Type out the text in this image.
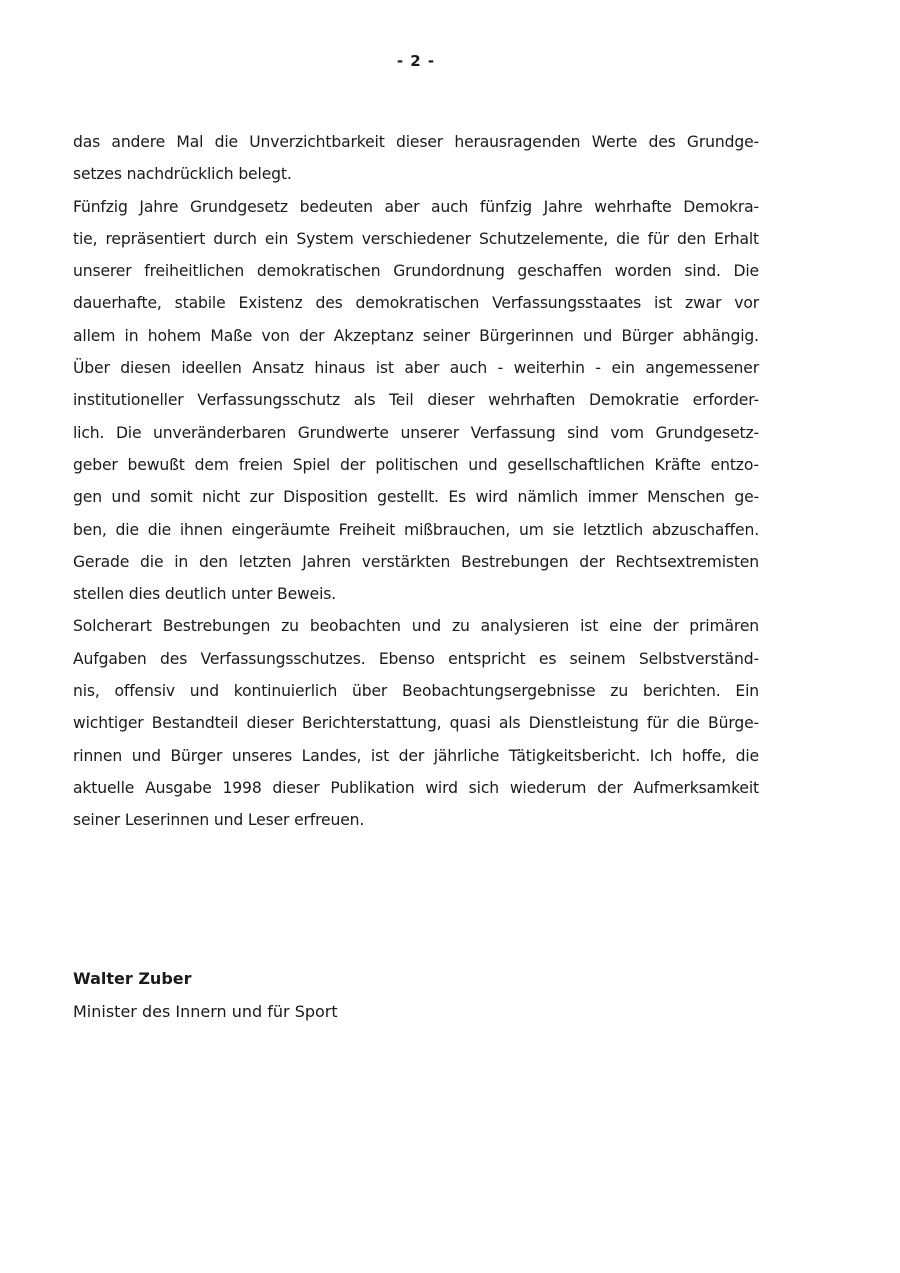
- 2 -
das andere Mal die Unverzichtbarkeit dieser herausragenden Werte des Grundge-
setzes nachdrücklich belegt.
Fünfzig Jahre Grundgesetz bedeuten aber auch fünfzig Jahre wehrhafte Demokra-
tie, repräsentiert durch ein System verschiedener Schutzelemente, die für den Erhalt
unserer freiheitlichen demokratischen Grundordnung geschaffen worden sind. Die
dauerhafte, stabile Existenz des demokratischen Verfassungsstaates ist zwar vor
allem in hohem Maße von der Akzeptanz seiner Bürgerinnen und Bürger abhängig.
Über diesen ideellen Ansatz hinaus ist aber auch - weiterhin - ein angemessener
institutioneller Verfassungsschutz als Teil dieser wehrhaften Demokratie erforder-
lich. Die unveränderbaren Grundwerte unserer Verfassung sind vom Grundgesetz-
geber bewußt dem freien Spiel der politischen und gesellschaftlichen Kräfte entzo-
gen und somit nicht zur Disposition gestellt. Es wird nämlich immer Menschen ge-
ben, die die ihnen eingeräumte Freiheit mißbrauchen, um sie letztlich abzuschaffen.
Gerade die in den letzten Jahren verstärkten Bestrebungen der Rechtsextremisten
stellen dies deutlich unter Beweis.
Solcherart Bestrebungen zu beobachten und zu analysieren ist eine der primären
Aufgaben des Verfassungsschutzes. Ebenso entspricht es seinem Selbstverständ-
nis, offensiv und kontinuierlich über Beobachtungsergebnisse zu berichten. Ein
wichtiger Bestandteil dieser Berichterstattung, quasi als Dienstleistung für die Bürge-
rinnen und Bürger unseres Landes, ist der jährliche Tätigkeitsbericht. Ich hoffe, die
aktuelle Ausgabe 1998 dieser Publikation wird sich wiederum der Aufmerksamkeit
seiner Leserinnen und Leser erfreuen.
Walter Zuber
Minister des Innern und für Sport
